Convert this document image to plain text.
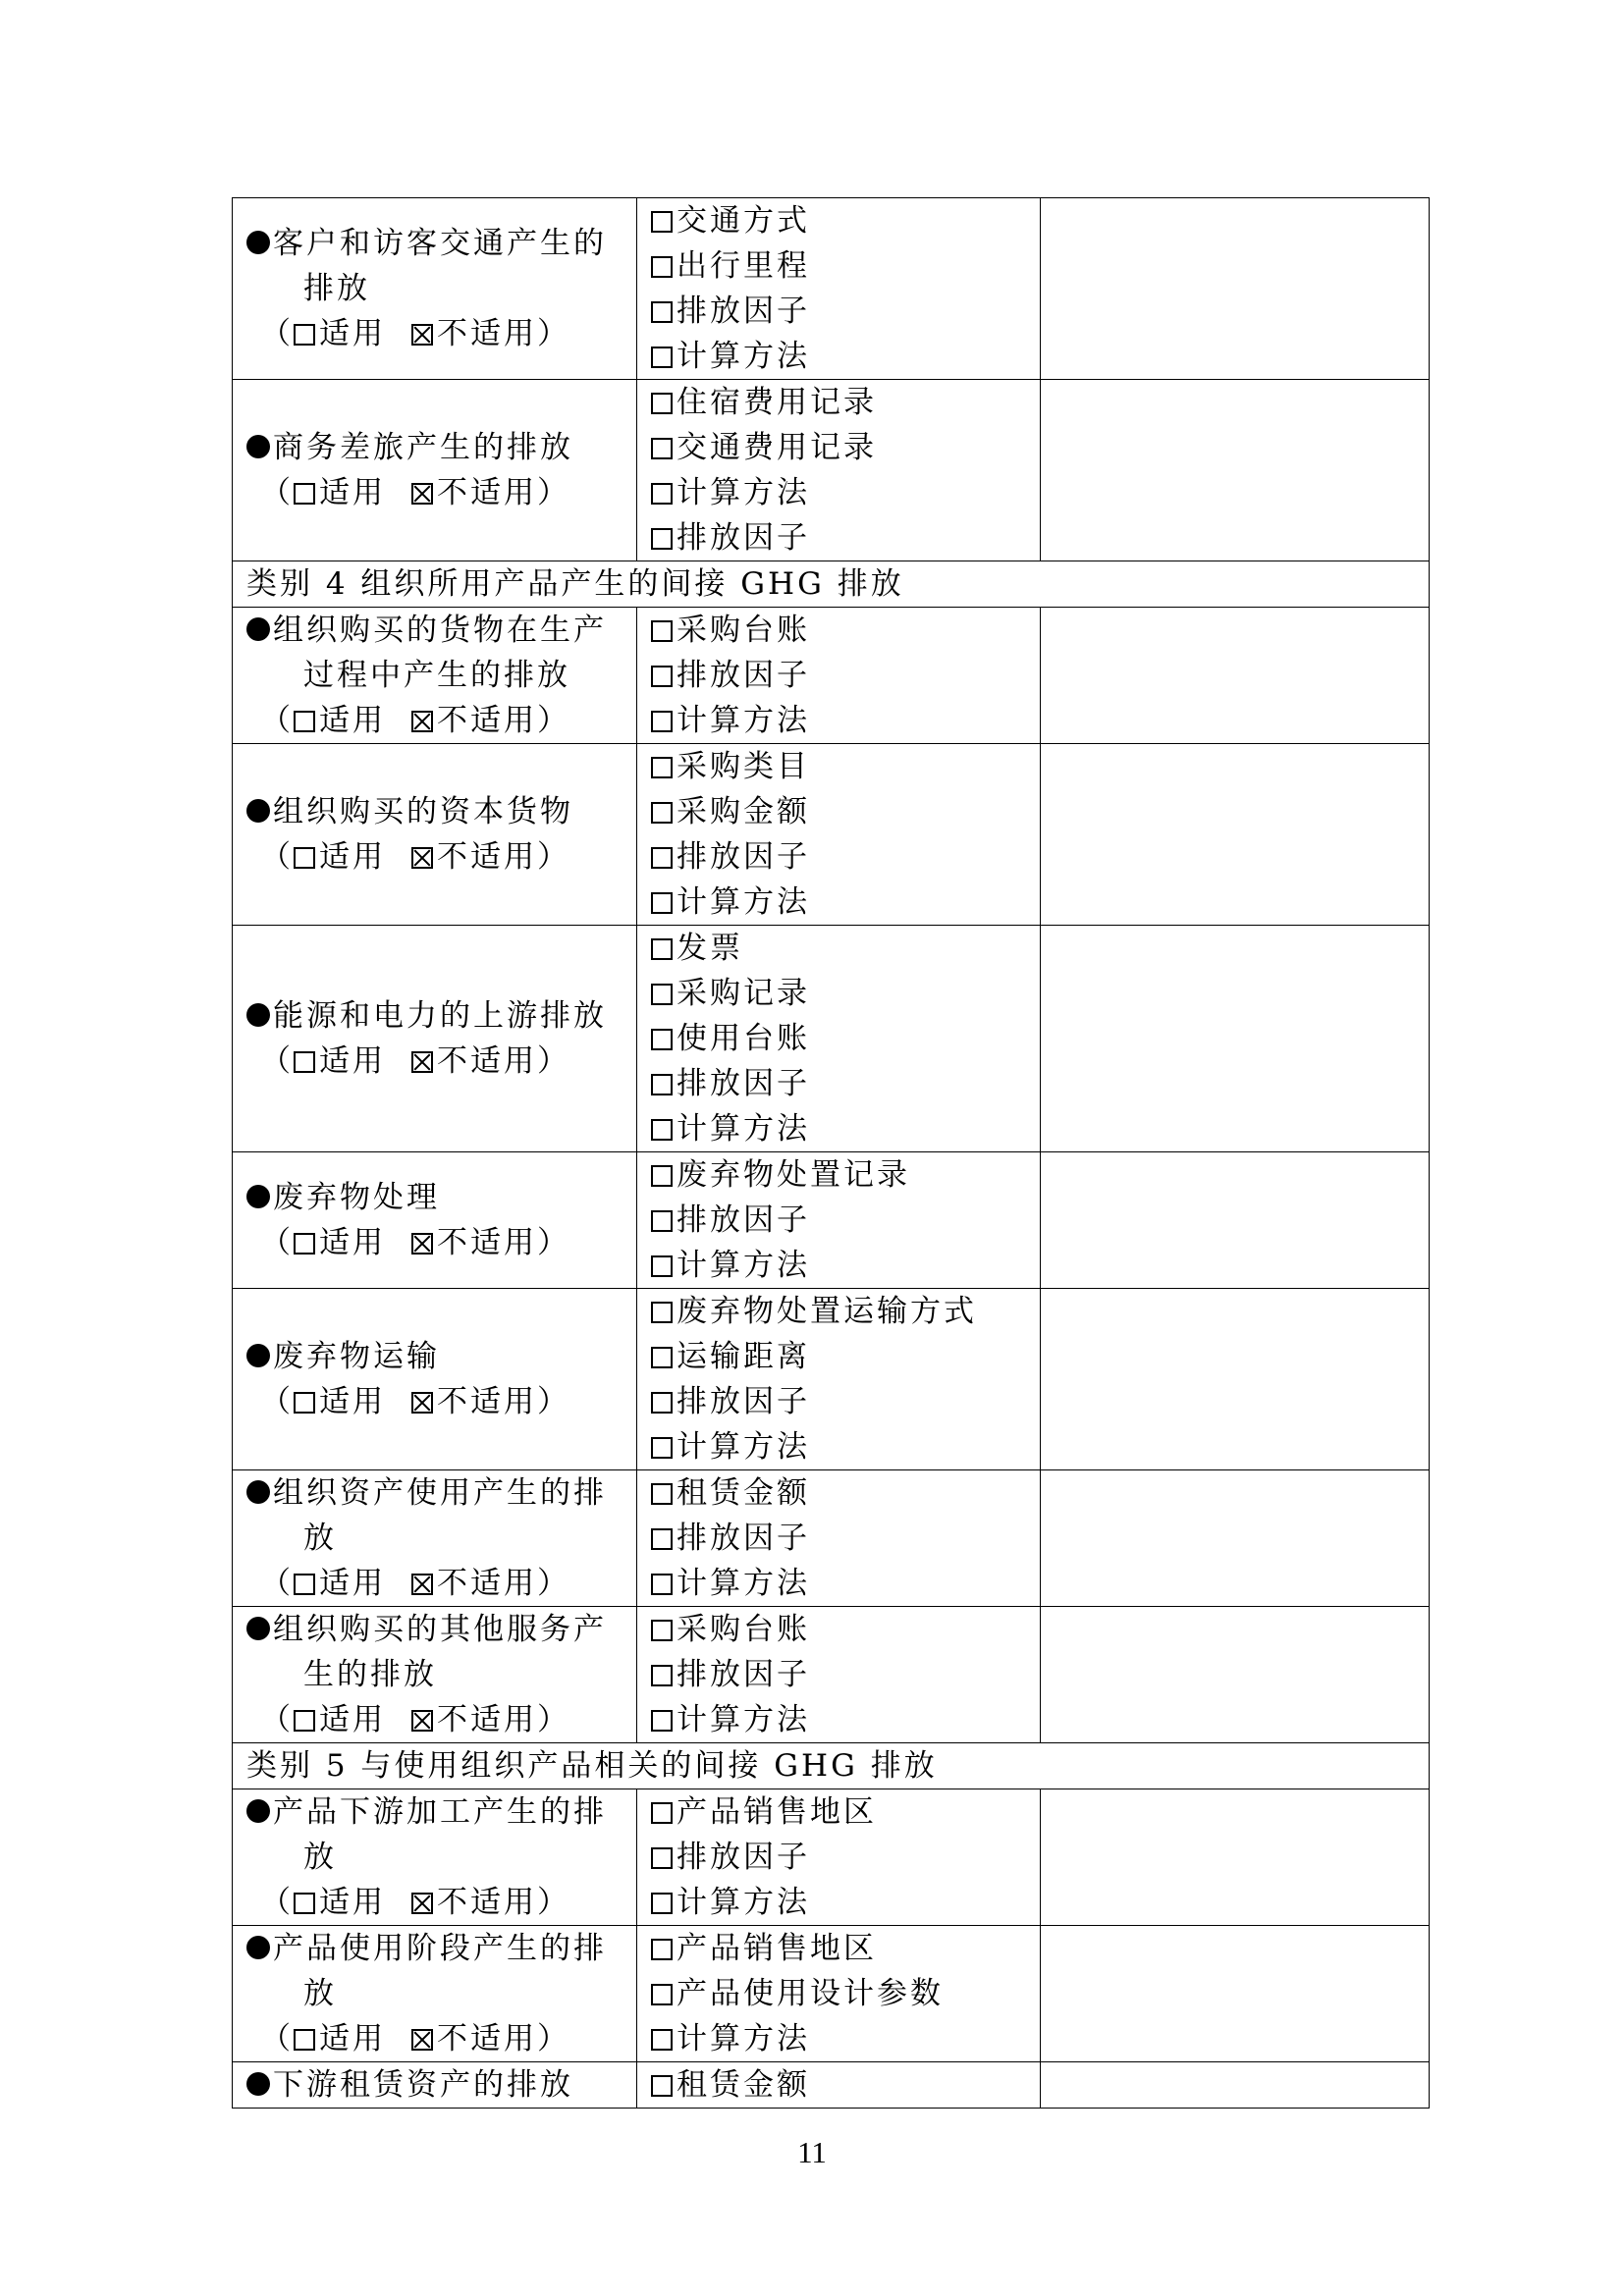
客户和访客交通产生的
排放
（ 适用 不适用）	交通方式
出行里程
排放因子
计算方法	

商务差旅产生的排放
（ 适用 不适用）	住宿费用记录
交通费用记录
计算方法
排放因子	

类别 4 组织所用产品产生的间接 GHG 排放		

组织购买的货物在生产
过程中产生的排放
（ 适用 不适用）	采购台账
排放因子
计算方法	

组织购买的资本货物
（ 适用 不适用）	采购类目
采购金额
排放因子
计算方法	

能源和电力的上游排放
（ 适用 不适用）	发票
采购记录
使用台账
排放因子
计算方法	

废弃物处理
（ 适用 不适用）	废弃物处置记录
排放因子
计算方法	

废弃物运输
（ 适用 不适用）	废弃物处置运输方式
运输距离
排放因子
计算方法	

组织资产使用产生的排
放
（ 适用 不适用）	租赁金额
排放因子
计算方法	

组织购买的其他服务产
生的排放
（ 适用 不适用）	采购台账
排放因子
计算方法	

类别 5 与使用组织产品相关的间接 GHG 排放		

产品下游加工产生的排
放
（ 适用 不适用）	产品销售地区
排放因子
计算方法	

产品使用阶段产生的排
放
（ 适用 不适用）	产品销售地区
产品使用设计参数
计算方法	

下游租赁资产的排放	租赁金额	

11
